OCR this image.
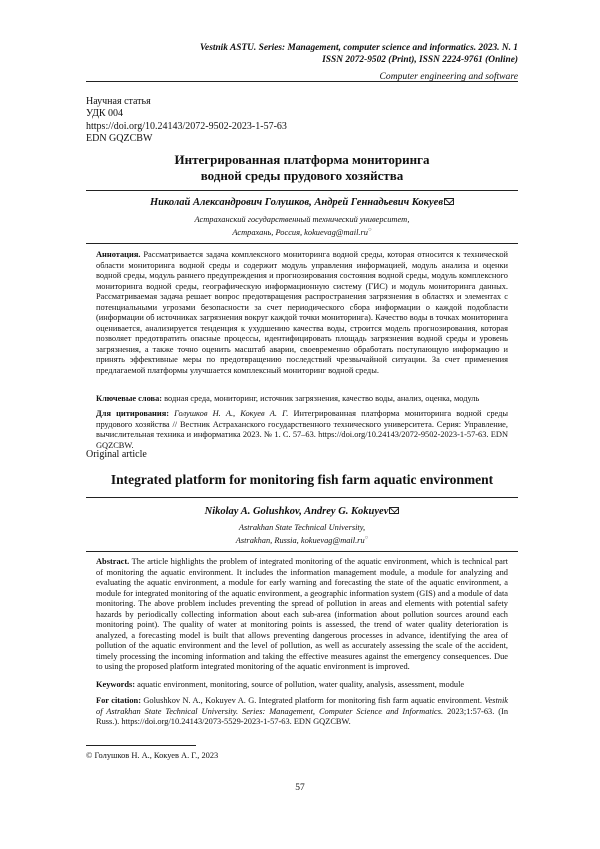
Vestnik ASTU. Series: Management, computer science and informatics. 2023. N. 1
ISSN 2072-9502 (Print), ISSN 2224-9761 (Online)
Computer engineering and software
Научная статья
УДК 004
https://doi.org/10.24143/2072-9502-2023-1-57-63
EDN GQZCBW
Интегрированная платформа мониторинга
водной среды прудового хозяйства
Николай Александрович Голушков, Андрей Геннадьевич Кокуев
Астраханский государственный технический университет,
Астрахань, Россия, kokuevag@mail.ru○
Аннотация. Рассматривается задача комплексного мониторинга водной среды, которая относится к технической области мониторинга водной среды и содержит модуль управления информацией, модуль анализа и оценки водной среды, модуль раннего предупреждения и прогнозирования состояния водной среды, модуль комплексного мониторинга водной среды, географическую информационную систему (ГИС) и модуль мониторинга данных. Рассматриваемая задача решает вопрос предотвращения распространения загрязнения в областях и элементах с потенциальными угрозами безопасности за счет периодического сбора информации о каждой подобласти (информации об источниках загрязнения вокруг каждой точки мониторинга). Качество воды в точках мониторинга оценивается, анализируется тенденция к ухудшению качества воды, строится модель прогнозирования, которая позволяет предотвратить опасные процессы, идентифицировать площадь загрязнения водной среды и уровень загрязнения, а также точно оценить масштаб аварии, своевременно обработать поступающую информацию и принять эффективные меры по предотвращению последствий чрезвычайной ситуации. За счет применения предлагаемой платформы улучшается комплексный мониторинг водной среды.
Ключевые слова: водная среда, мониторинг, источник загрязнения, качество воды, анализ, оценка, модуль
Для цитирования: Голушков Н. А., Кокуев А. Г. Интегрированная платформа мониторинга водной среды прудового хозяйства // Вестник Астраханского государственного технического университета. Серия: Управление, вычислительная техника и информатика 2023. № 1. С. 57–63. https://doi.org/10.24143/2072-9502-2023-1-57-63. EDN GQZCBW.
Original article
Integrated platform for monitoring fish farm aquatic environment
Nikolay A. Golushkov, Andrey G. Kokuyev
Astrakhan State Technical University,
Astrakhan, Russia, kokuevag@mail.ru○
Abstract. The article highlights the problem of integrated monitoring of the aquatic environment, which is technical part of monitoring the aquatic environment. It includes the information management module, a module for analyzing and evaluating the aquatic environment, a module for early warning and forecasting the state of the aquatic environment, a module for integrated monitoring of the aquatic environment, a geographic information system (GIS) and a module of data monitoring. The above problem includes preventing the spread of pollution in areas and elements with potential safety hazards by periodically collecting information about each sub-area (information about pollution sources around each monitoring point). The quality of water at monitoring points is assessed, the trend of water quality deterioration is analyzed, a forecasting model is built that allows preventing dangerous processes in advance, identifying the area of pollution of the aquatic environment and the level of pollution, as well as accurately assessing the scale of the accident, timely processing the incoming information and taking the effective measures against the emergency consequences. Due to using the proposed platform integrated monitoring of the aquatic environment is improved.
Keywords: aquatic environment, monitoring, source of pollution, water quality, analysis, assessment, module
For citation: Golushkov N. A., Kokuyev A. G. Integrated platform for monitoring fish farm aquatic environment. Vestnik of Astrakhan State Technical University. Series: Management, Computer Science and Informatics. 2023;1:57-63. (In Russ.). https://doi.org/10.24143/2073-5529-2023-1-57-63. EDN GQZCBW.
© Голушков Н. А., Кокуев А. Г., 2023
57
